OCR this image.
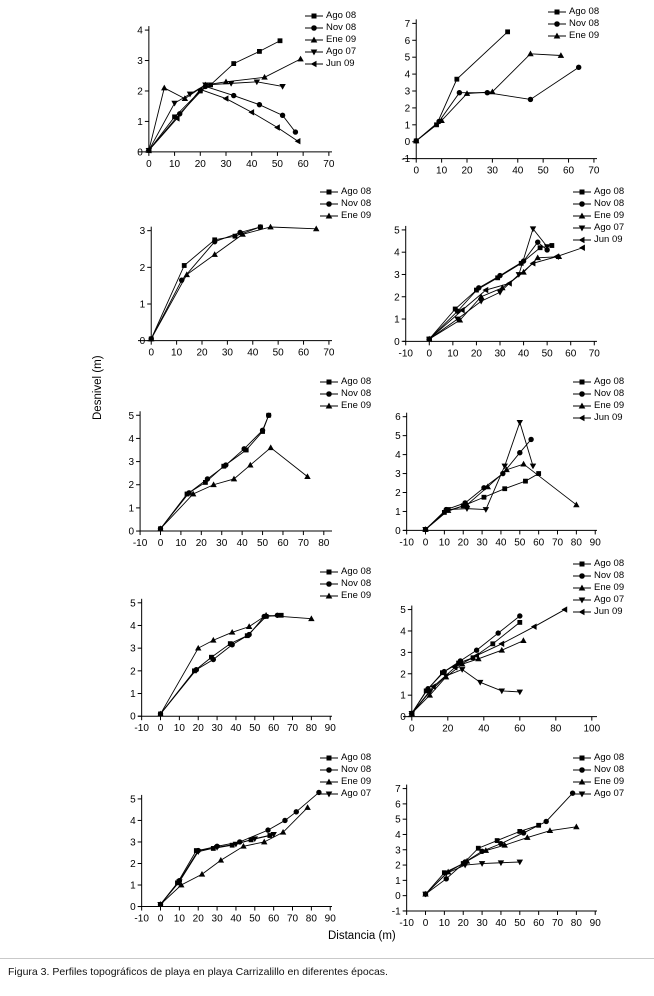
0 10 20 30 40 50 60 70
0
1
2
3
4
0 10 20 30 40 50 60 70
-1
0
1
2
3
4
5
6
7
0 10 20 30 40 50 60 70
0
1
2
3
-10 0 10 20 30 40 50 60 70
0
1
2
3
4
5
-10 0 10 20 30 40 50 60 70 80
0
1
2
3
4
5
-10 0 10 20 30 40 50 60 70 80 90
0
1
2
3
4
5
6
-10 0 10 20 30 40 50 60 70 80 90
0
1
2
3
4
5
0	20 40 60 80 100
0
1
2
3
4
5
-10 0 10 20 30 40 50 60 70 80 90
0
1
2
3
4
5
-10 0 10 20 30 40 50 60 70 80 90
-1
0
1
2
3
4
5
6
7
Ago 08
Nov 08
Ene 09
Ago 07
Jun 09
Ago 08
Nov 08
Ene 09
Ago 08
Nov 08
Ene 09
Ago 08
Nov 08
Ene 09
Ago 07
Jun 09
Ago 08
Nov 08
Ene 09
Ago 08
Nov 08
Ene 09
Jun 09
Ago 08
Nov 08
Ene 09
Ago 08
Nov 08
Ene 09
Ago 07
Jun 09
Ago 08
Nov 08
Ene 09
Ago 07
Ago 08
Nov 08
Ene 09
Ago 07
Desnivel (m)
Distancia (m)
Figura 3. Perfiles topográficos de playa en playa Carrizalillo en diferentes épocas.
